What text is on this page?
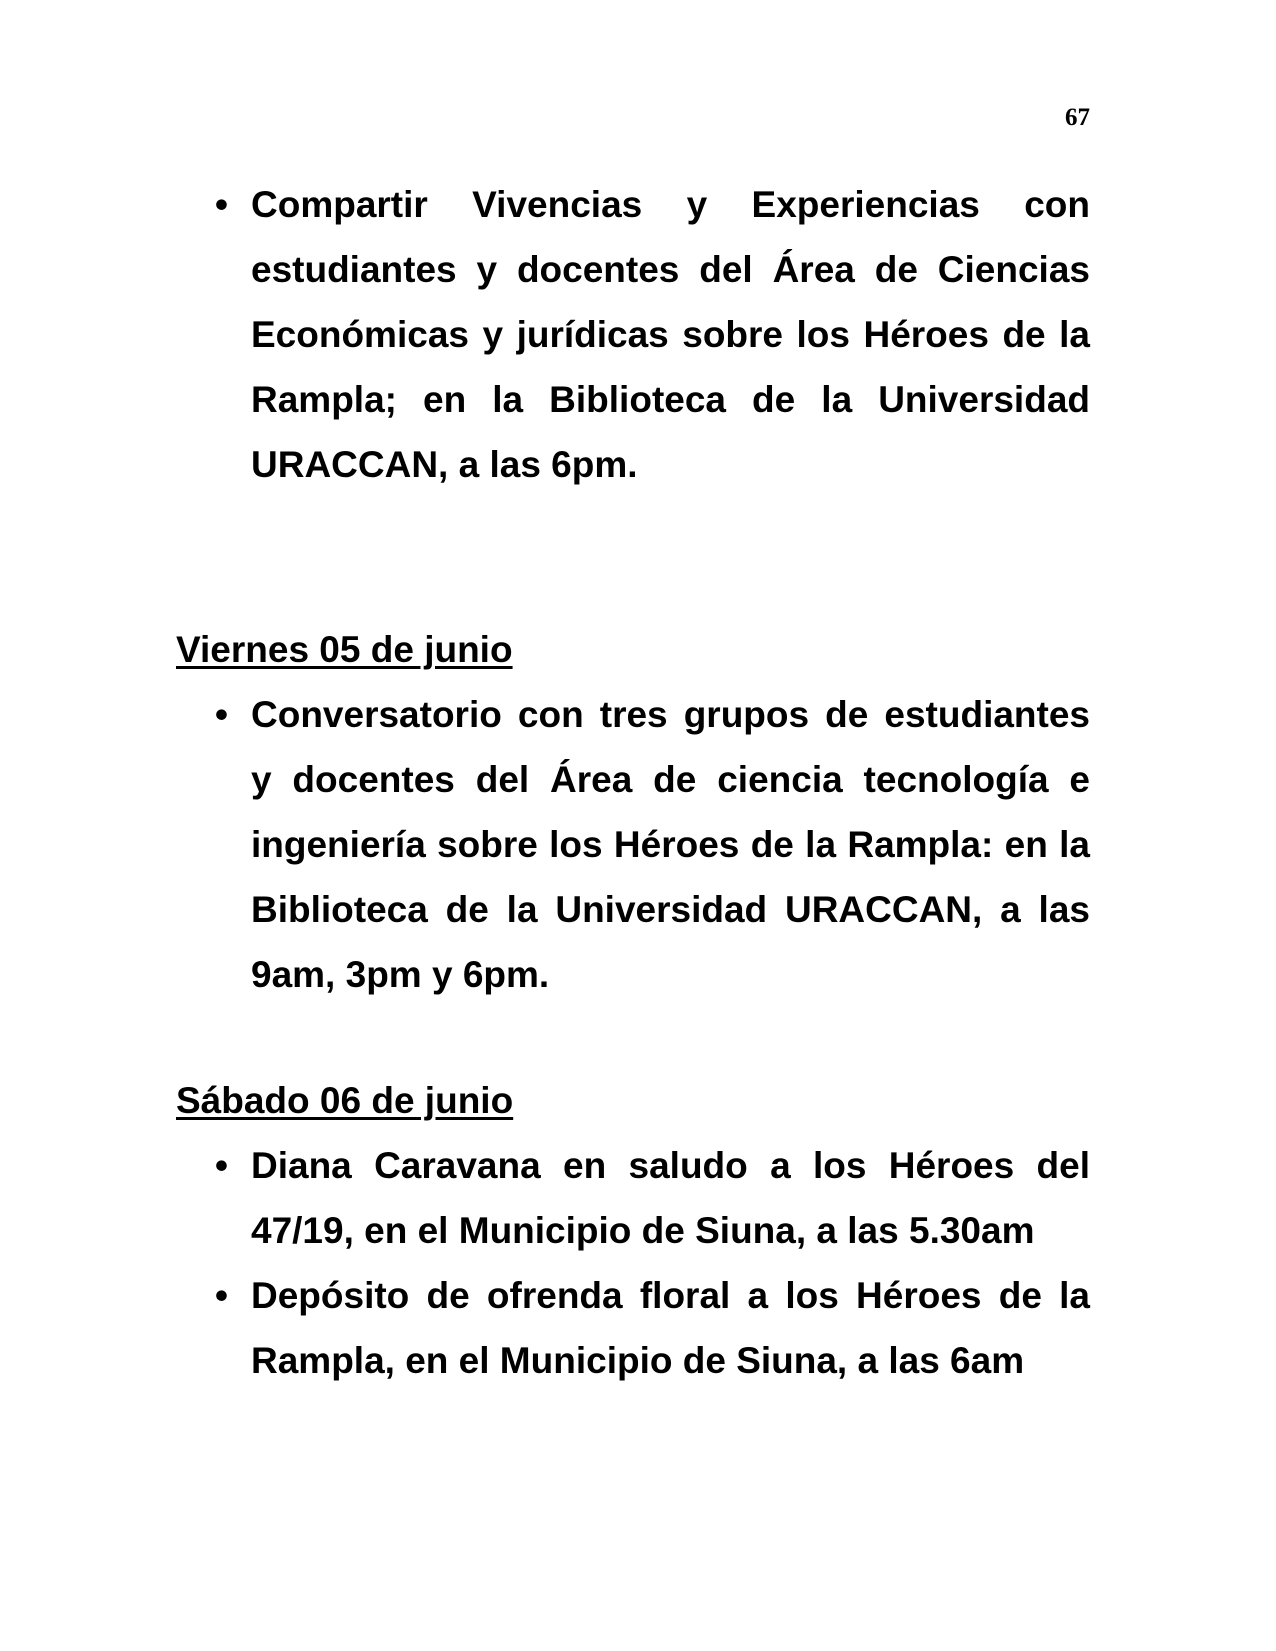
67
• Compartir Vivencias y Experiencias con estudiantes y docentes del Área de Ciencias Económicas y jurídicas sobre los Héroes de la Rampla; en la Biblioteca de la Universidad URACCAN, a las 6pm.
Viernes 05 de junio
• Conversatorio con tres grupos de estudiantes y docentes del Área de ciencia tecnología e ingeniería sobre los Héroes de la Rampla: en la Biblioteca de la Universidad URACCAN, a las 9am, 3pm y 6pm.
Sábado 06 de junio
• Diana Caravana en saludo a los Héroes del 47/19, en el Municipio de Siuna, a las 5.30am
• Depósito de ofrenda floral a los Héroes de la Rampla, en el Municipio de Siuna, a las 6am
